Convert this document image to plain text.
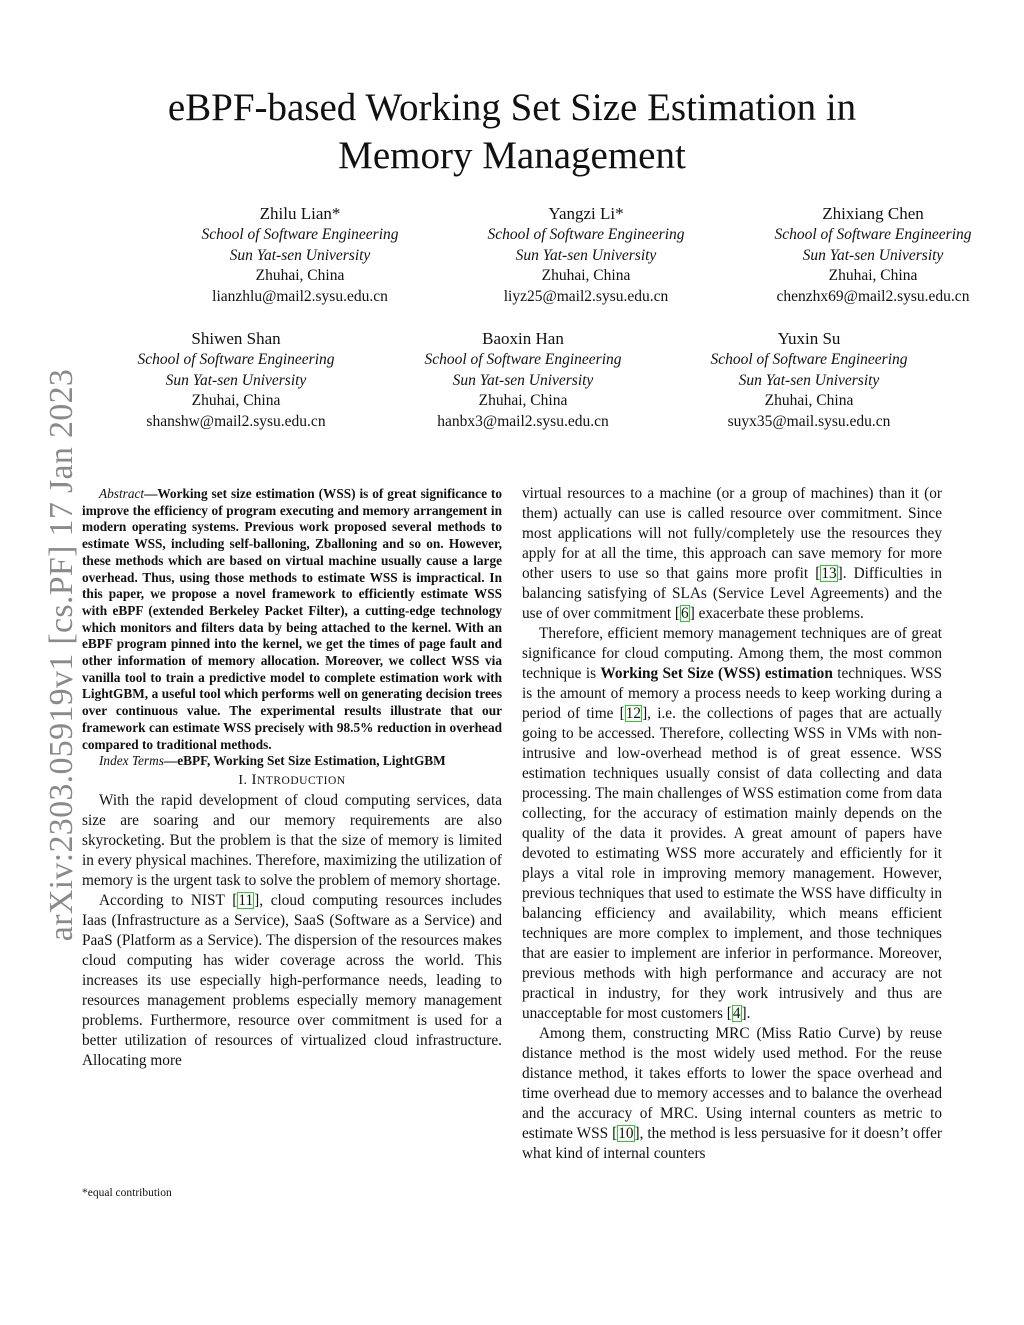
eBPF-based Working Set Size Estimation in
Memory Management
Zhilu Lian*
School of Software Engineering
Sun Yat-sen University
Zhuhai, China
lianzhlu@mail2.sysu.edu.cn
Yangzi Li*
School of Software Engineering
Sun Yat-sen University
Zhuhai, China
liyz25@mail2.sysu.edu.cn
Zhixiang Chen
School of Software Engineering
Sun Yat-sen University
Zhuhai, China
chenzhx69@mail2.sysu.edu.cn
Shiwen Shan
School of Software Engineering
Sun Yat-sen University
Zhuhai, China
shanshw@mail2.sysu.edu.cn
Baoxin Han
School of Software Engineering
Sun Yat-sen University
Zhuhai, China
hanbx3@mail2.sysu.edu.cn
Yuxin Su
School of Software Engineering
Sun Yat-sen University
Zhuhai, China
suyx35@mail.sysu.edu.cn
arXiv:2303.05919v1 [cs.PF] 17 Jan 2023	Abstract—Working set size estimation (WSS) is of great significance to improve the efficiency of program executing and memory arrangement in modern operating systems. Previous work proposed several methods to estimate WSS, including self-balloning, Zballoning and so on. However, these methods which are based on virtual machine usually cause a large overhead. Thus, using those methods to estimate WSS is impractical. In this paper, we propose a novel framework to efficiently estimate WSS with eBPF (extended Berkeley Packet Filter), a cutting-edge technology which monitors and filters data by being attached to the kernel. With an eBPF program pinned into the kernel, we get the times of page fault and other information of memory allocation. Moreover, we collect WSS via vanilla tool to train a predictive model to complete estimation work with LightGBM, a useful tool which performs well on generating decision trees over continuous value. The experimental results illustrate that our framework can estimate WSS precisely with 98.5% reduction in overhead compared to traditional methods.

Index Terms—eBPF, Working Set Size Estimation, LightGBM

I. INTRODUCTION

With the rapid development of cloud computing services, data size are soaring and our memory requirements are also skyrocketing. But the problem is that the size of memory is limited in every physical machines. Therefore, maximizing the utilization of memory is the urgent task to solve the problem of memory shortage.

According to NIST [11], cloud computing resources includes Iaas (Infrastructure as a Service), SaaS (Software as a Service) and PaaS (Platform as a Service). The dispersion of the resources makes cloud computing has wider coverage across the world. This increases its use especially high-performance needs, leading to resources management problems especially memory management problems. Furthermore, resource over commitment is used for a better utilization of resources of virtualized cloud infrastructure. Allocating more

virtual resources to a machine (or a group of machines) than it (or them) actually can use is called resource over commitment. Since most applications will not fully/completely use the resources they apply for at all the time, this approach can save memory for more other users to use so that gains more profit [13]. Difficulties in balancing satisfying of SLAs (Service Level Agreements) and the use of over commitment [6] exacerbate these problems.

Therefore, efficient memory management techniques are of great significance for cloud computing. Among them, the most common technique is Working Set Size (WSS) estimation techniques. WSS is the amount of memory a process needs to keep working during a period of time [12], i.e. the collections of pages that are actually going to be accessed. Therefore, collecting WSS in VMs with non-intrusive and low-overhead method is of great essence. WSS estimation techniques usually consist of data collecting and data processing. The main challenges of WSS estimation come from data collecting, for the accuracy of estimation mainly depends on the quality of the data it provides. A great amount of papers have devoted to estimating WSS more accurately and efficiently for it plays a vital role in improving memory management. However, previous techniques that used to estimate the WSS have difficulty in balancing efficiency and availability, which means efficient techniques are more complex to implement, and those techniques that are easier to implement are inferior in performance. Moreover, previous methods with high performance and accuracy are not practical in industry, for they work intrusively and thus are unacceptable for most customers [4].

Among them, constructing MRC (Miss Ratio Curve) by reuse distance method is the most widely used method. For the reuse distance method, it takes efforts to lower the space overhead and time overhead due to memory accesses and to balance the overhead and the accuracy of MRC. Using internal counters as metric to estimate WSS [10], the method is less persuasive for it doesn’t offer what kind of internal counters

*equal contribution
